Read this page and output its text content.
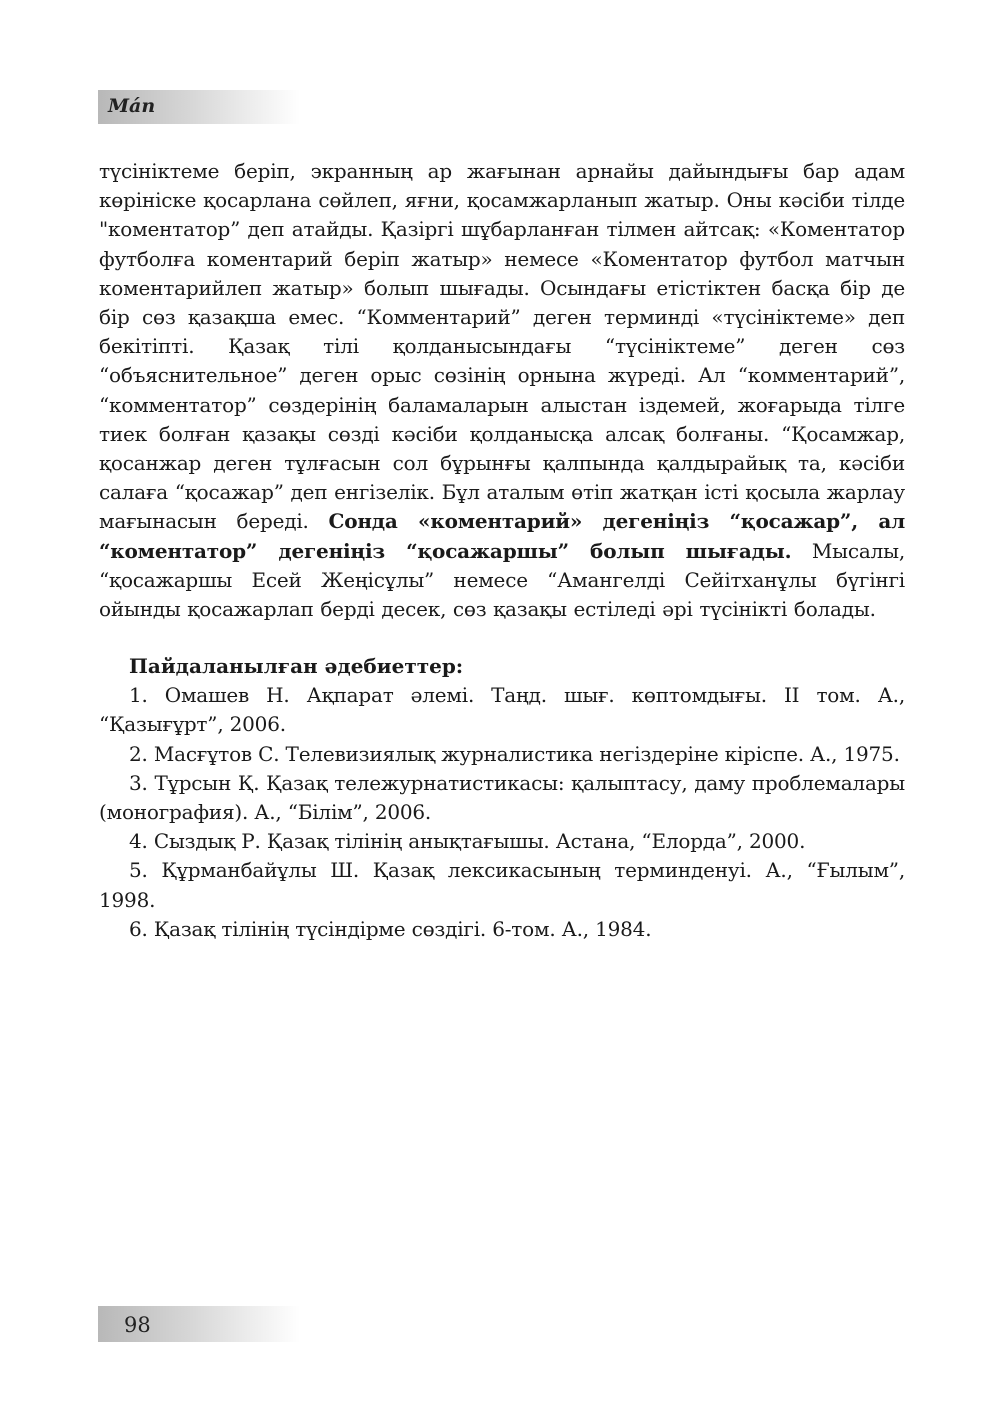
Mán

түсініктеме беріп, экранның ар жағынан арнайы дайындығы бар адам көрініске қосарлана сөйлеп, яғни, қосамжарланып жатыр. Оны кәсіби тілде "коментатор” деп атайды. Қазіргі шұбарланған тілмен айтсақ: «Коментатор футболға коментарий беріп жатыр» немесе «Коментатор футбол матчын коментарийлеп жатыр» болып шығады. Осындағы етістіктен басқа бір де бір сөз қазақша емес. “Комментарий” деген терминді «түсініктеме» деп бекітіпті. Қазақ тілі қолданысындағы “түсініктеме” деген сөз “объяснительное” деген орыс сөзінің орнына жүреді. Ал “комментарий”, “комментатор” сөздерінің баламаларын алыстан іздемей, жоғарыда тілге тиек болған қазақы сөзді кәсіби қолданысқа алсақ болғаны. “Қосамжар, қосанжар деген тұлғасын сол бұрынғы қалпында қалдырайық та, кәсіби салаға “қосажар” деп енгізелік. Бұл аталым өтіп жатқан істі қосыла жарлау мағынасын береді. Сонда «коментарий» дегеніңіз “қосажар”, ал “коментатор” дегеніңіз “қосажаршы” болып шығады. Мысалы, “қосажаршы Есей Жеңісұлы” немесе “Амангелді Сейітханұлы бүгінгі ойынды қосажарлап берді десек, сөз қазақы естіледі әрі түсінікті болады.

Пайдаланылған әдебиеттер:

1. Омашев Н. Ақпарат әлемі. Таңд. шығ. көптомдығы. ІІ том. А., “Қазығұрт”, 2006.

2. Масғұтов С. Телевизиялық журналистика негіздеріне кіріспе. А., 1975.

3. Тұрсын Қ. Қазақ тележурнатистикасы: қалыптасу, даму проблемалары (монография). А., “Білім”, 2006.

4. Сыздық Р. Қазақ тілінің анықтағышы. Астана, “Елорда”, 2000.

5. Құрманбайұлы Ш. Қазақ лексикасының терминденуі. А., “Ғылым”, 1998.

6. Қазақ тілінің түсіндірме сөздігі. 6-том. А., 1984.

98
